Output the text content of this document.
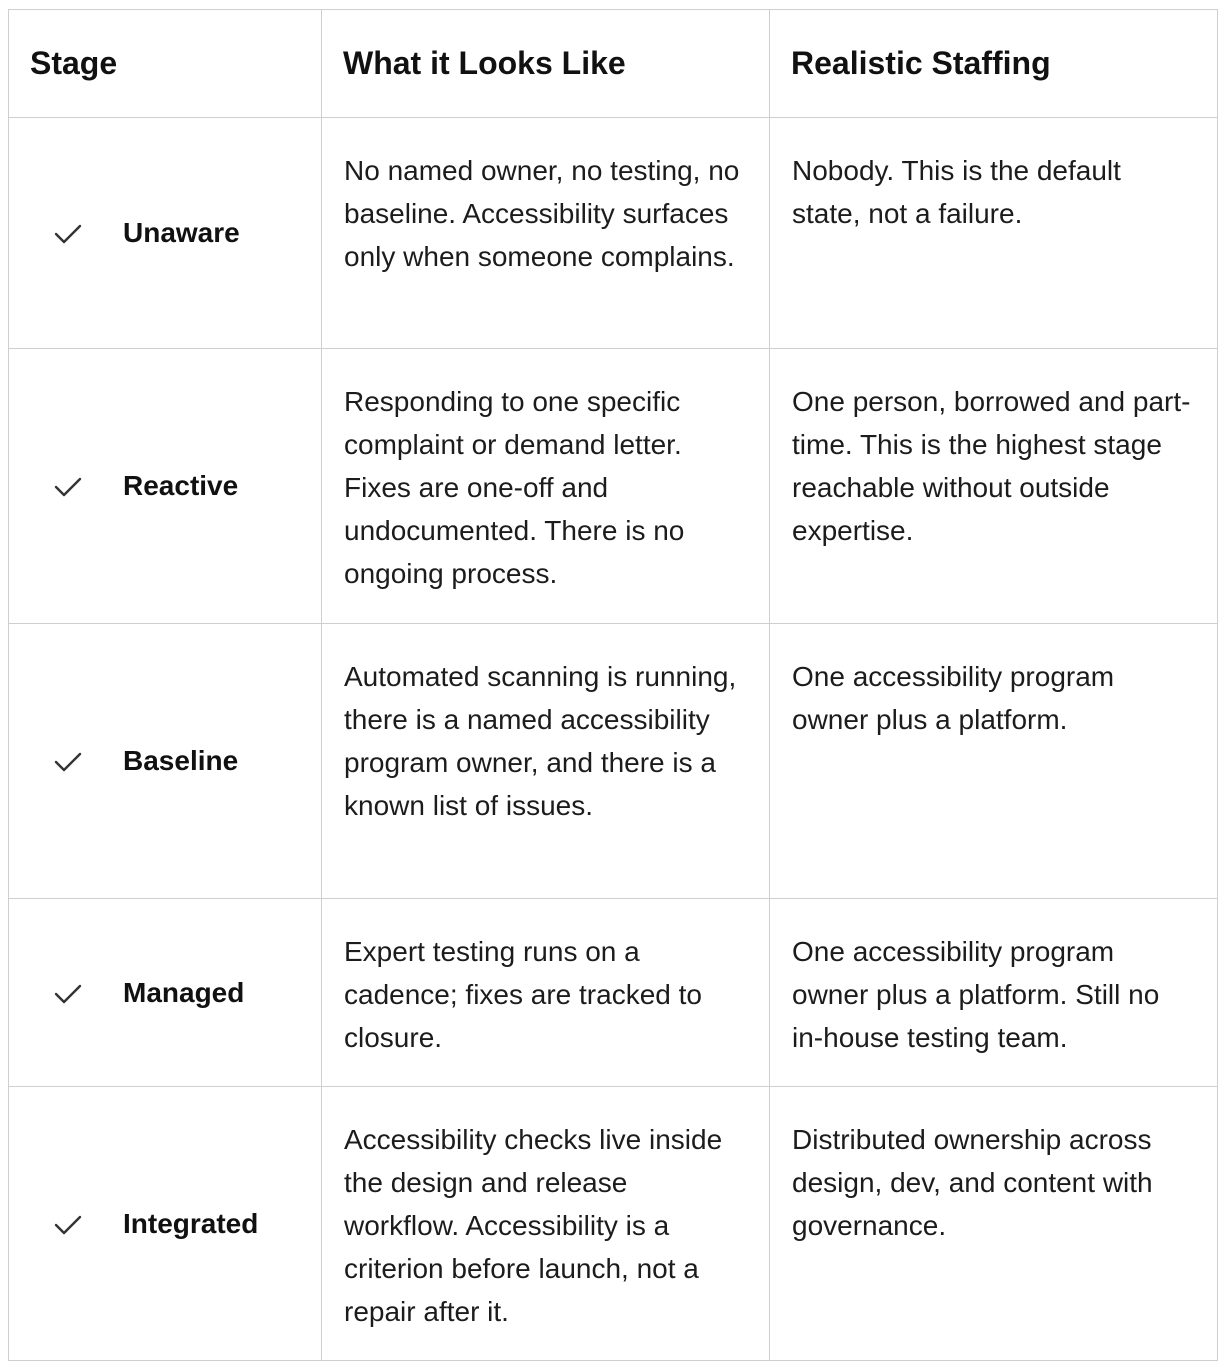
Stage	What it Looks Like	Realistic Staffing

Unaware	No named owner, no testing, no baseline. Accessibility surfaces only when someone complains.	Nobody. This is the default state, not a failure.

Reactive	Responding to one specific complaint or demand letter. Fixes are one-off and undocumented. There is no ongoing process.	One person, borrowed and part-time. This is the highest stage reachable without outside expertise.

Baseline	Automated scanning is running, there is a named accessibility program owner, and there is a known list of issues.	One accessibility program owner plus a platform.

Managed	Expert testing runs on a cadence; fixes are tracked to closure.	One accessibility program owner plus a platform. Still no in-house testing team.

Integrated	Accessibility checks live inside the design and release workflow. Accessibility is a criterion before launch, not a repair after it.	Distributed ownership across design, dev, and content with governance.
